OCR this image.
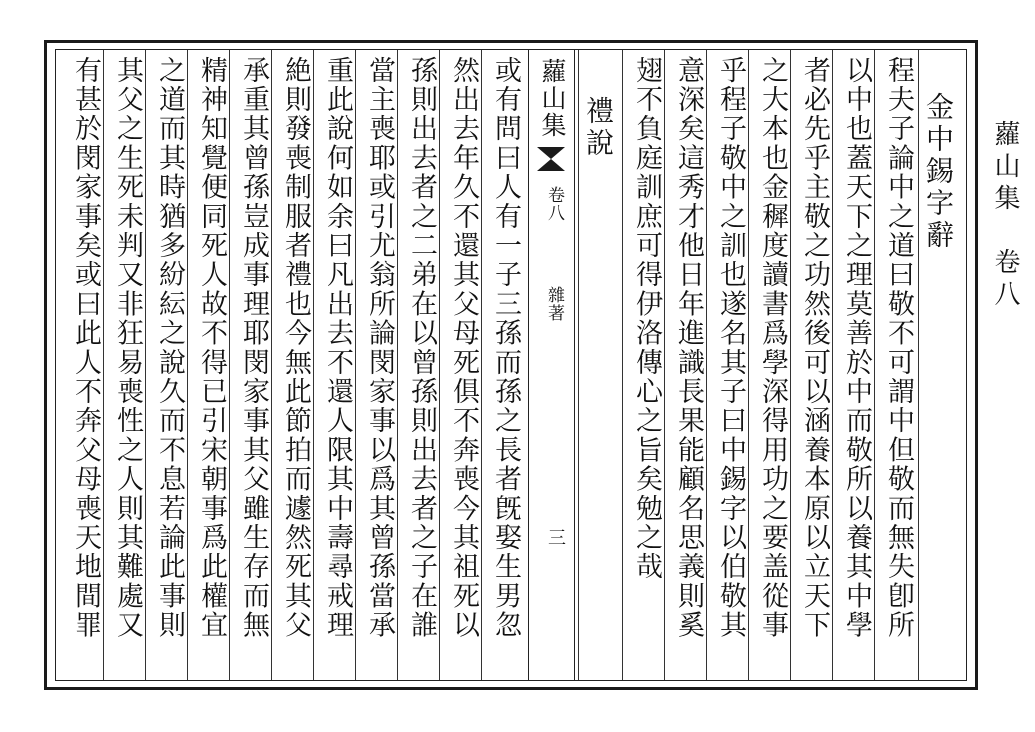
金中錫字辭
程夫子論中之道曰敬不可謂中但敬而無失卽所
以中也蓋天下之理莫善於中而敬所以養其中學
者必先乎主敬之功然後可以涵養本原以立天下
之大本也金穉度讀書爲學深得用功之要盖從事
乎程子敬中之訓也遂名其子曰中錫字以伯敬其
意深矣這秀才他日年進識長果能顧名思義則奚
翅不負庭訓庶可得伊洛傳心之旨矣勉之哉
禮說
蘿山集
卷八
雜著
三
或有問曰人有一子三孫而孫之長者旣娶生男忽
然出去年久不還其父母死俱不奔喪今其祖死以
孫則出去者之二弟在以曾孫則出去者之子在誰
當主喪耶或引尤翁所論閔家事以爲其曾孫當承
重此說何如余曰凡出去不還人限其中壽尋戒理
絶則發喪制服者禮也今無此節拍而遽然死其父
承重其曾孫豈成事理耶閔家事其父雖生存而無
精神知覺便同死人故不得已引宋朝事爲此權宜
之道而其時猶多紛紜之說久而不息若論此事則
其父之生死未判又非狂易喪性之人則其難處又
有甚於閔家事矣或曰此人不奔父母喪天地間罪	蘿山集　卷八
